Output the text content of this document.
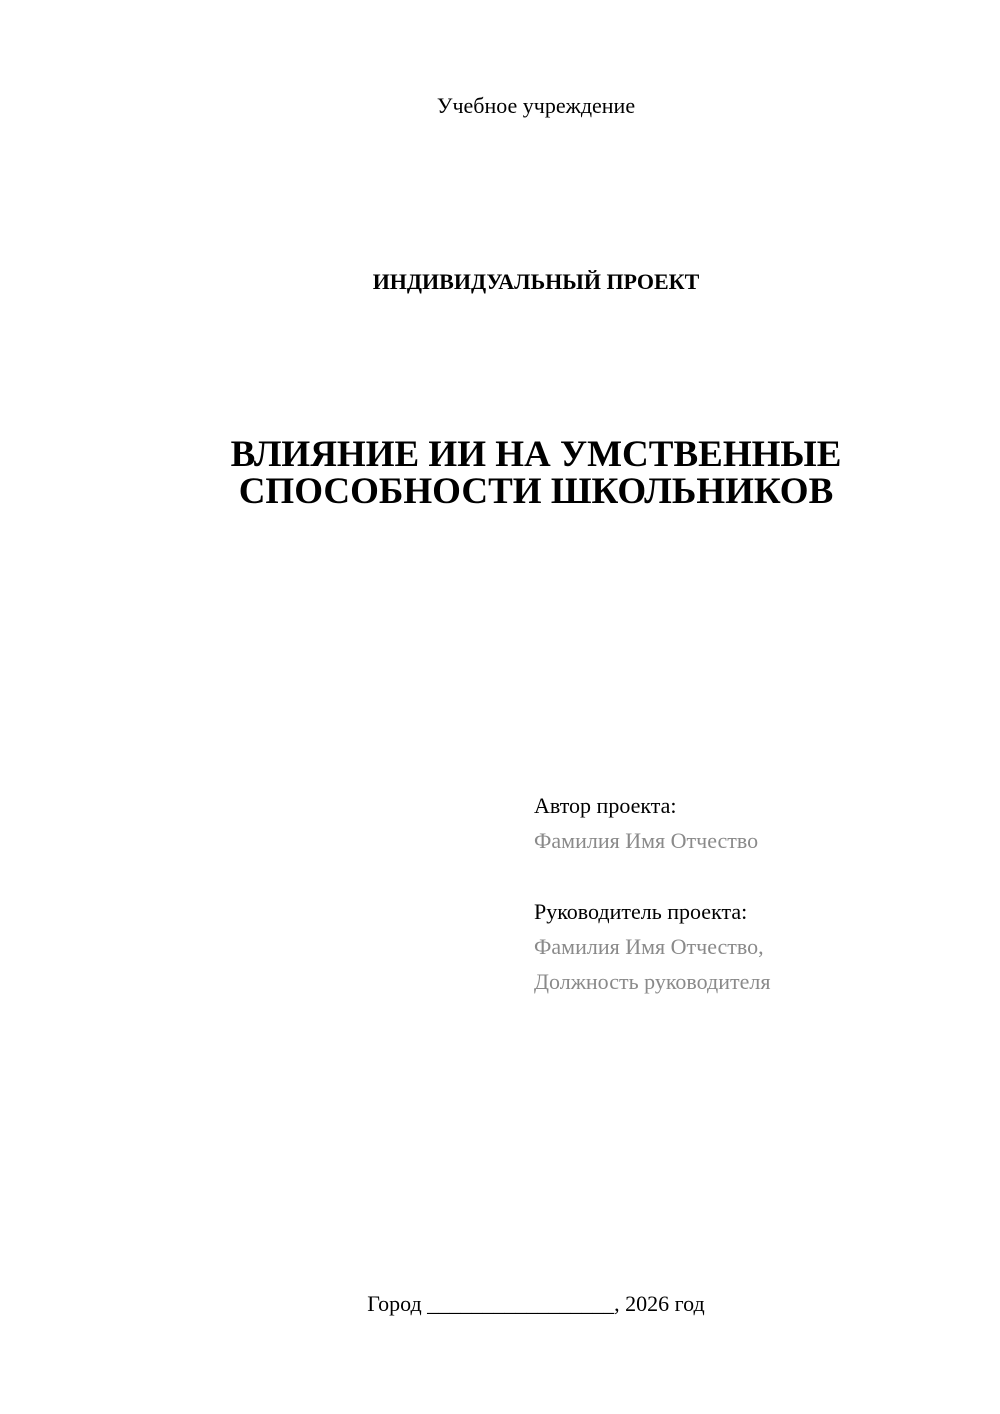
Учебное учреждение
ИНДИВИДУАЛЬНЫЙ ПРОЕКТ
ВЛИЯНИЕ ИИ НА УМСТВЕННЫЕ
СПОСОБНОСТИ ШКОЛЬНИКОВ
Автор проекта:
Фамилия Имя Отчество
Руководитель проекта:
Фамилия Имя Отчество,
Должность руководителя
Город _________________, 2026 год
